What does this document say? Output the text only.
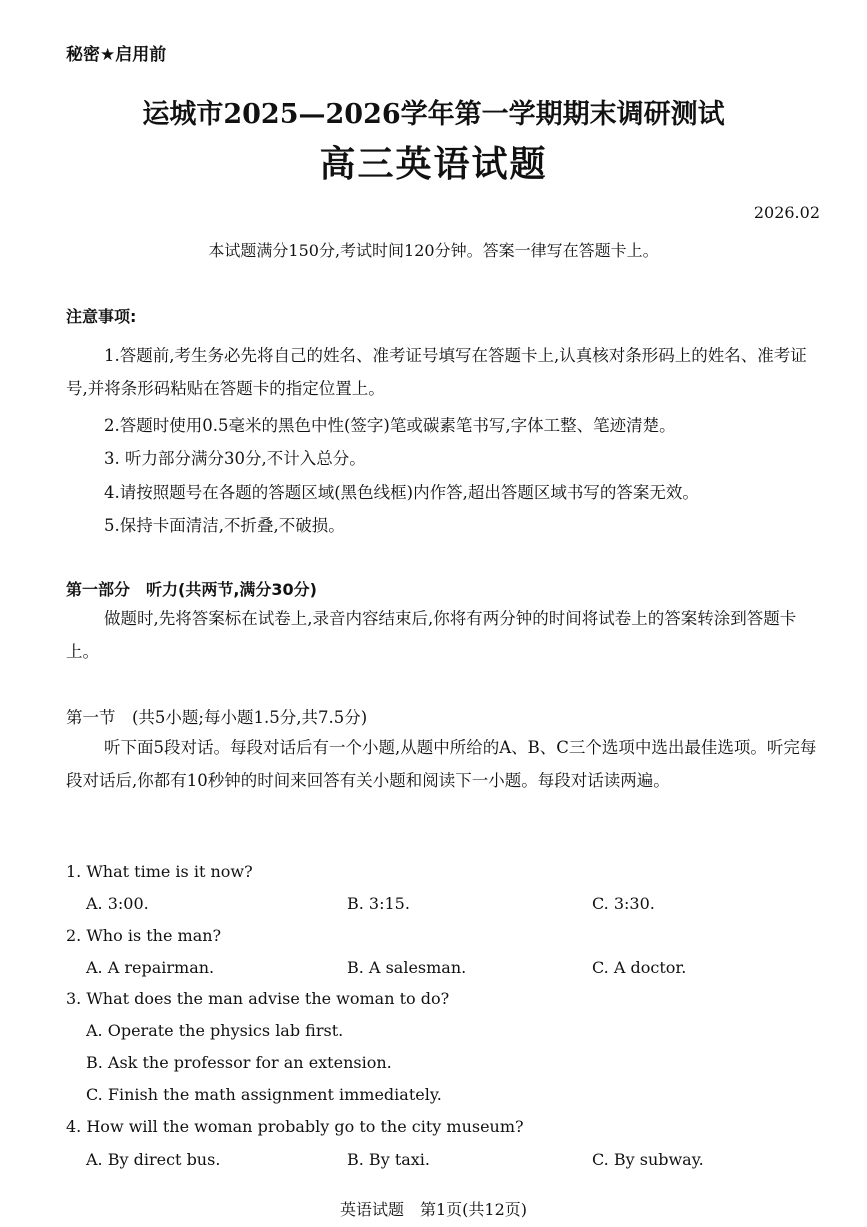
秘密★启用前
运城市2025—2026学年第一学期期末调研测试
高三英语试题
2026.02
本试题满分150分,考试时间120分钟。答案一律写在答题卡上。
注意事项:
1.答题前,考生务必先将自己的姓名、准考证号填写在答题卡上,认真核对条形码上的姓名、准考证号,并将条形码粘贴在答题卡的指定位置上。
2.答题时使用0.5毫米的黑色中性(签字)笔或碳素笔书写,字体工整、笔迹清楚。
3. 听力部分满分30分,不计入总分。
4.请按照题号在各题的答题区域(黑色线框)内作答,超出答题区域书写的答案无效。
5.保持卡面清洁,不折叠,不破损。
第一部分　听力(共两节,满分30分)
做题时,先将答案标在试卷上,录音内容结束后,你将有两分钟的时间将试卷上的答案转涂到答题卡上。
第一节　(共5小题;每小题1.5分,共7.5分)
听下面5段对话。每段对话后有一个小题,从题中所给的A、B、C三个选项中选出最佳选项。听完每段对话后,你都有10秒钟的时间来回答有关小题和阅读下一小题。每段对话读两遍。
1. What time is it now?
A. 3:00.	B. 3:15.	C. 3:30.
2. Who is the man?
A. A repairman.	B. A salesman.	C. A doctor.
3. What does the man advise the woman to do?
A. Operate the physics lab first.
B. Ask the professor for an extension.
C. Finish the math assignment immediately.
4. How will the woman probably go to the city museum?
A. By direct bus.	B. By taxi.	C. By subway.
英语试题　第1页(共12页)
